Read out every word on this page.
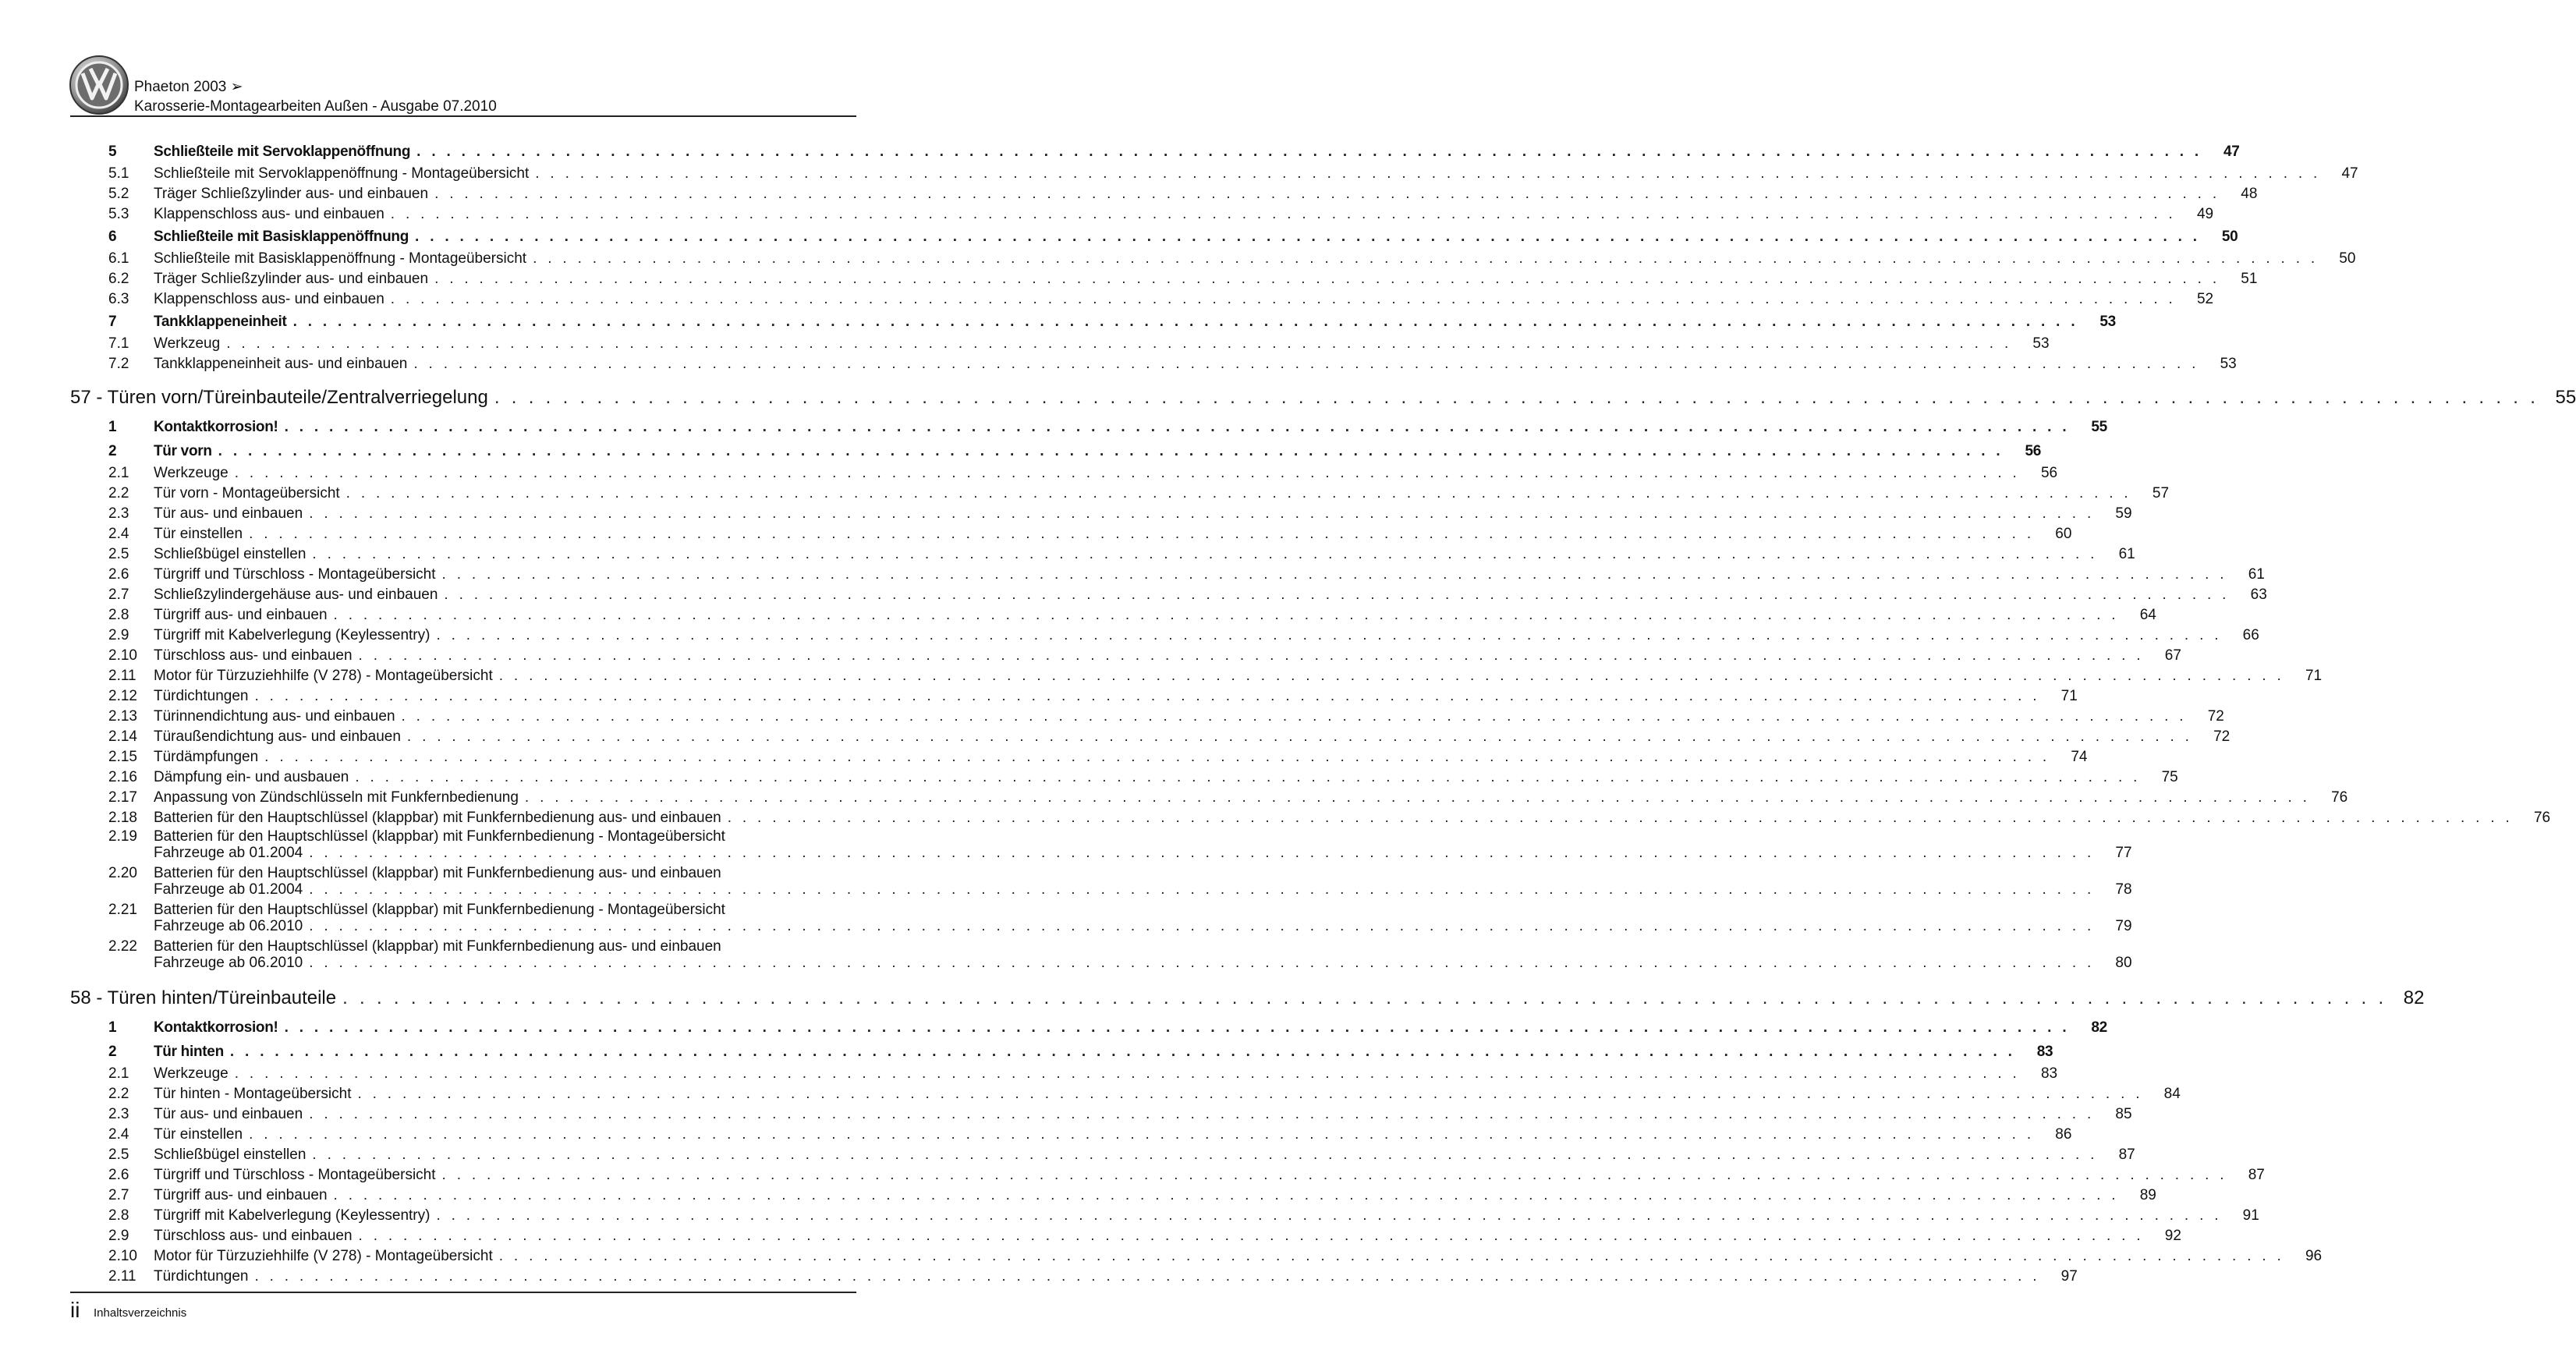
Phaeton 2003 ➢
Karosserie-Montagearbeiten Außen - Ausgabe 07.2010
5	Schließteile mit Servoklappenöffnung . . . . . . . . . . . . . . . . . . . . . . . . . . . . . . . . . . . . . . . . . . . . . . . . . . . . . . . . . . . . . . . . . . . . . . . . . . . . . . . . . . . . . . . . . . . . . . . . . . . . . . . . . . . . . . . . . . . . . . . .	47
5.1	Schließteile mit Servoklappenöffnung - Montageübersicht . . . . . . . . . . . . . . . . . . . . . . . . . . . . . . . . . . . . . . . . . . . . . . . . . . . . . . . . . . . . . . . . . . . . . . . . . . . . . . . . . . . . . . . . . . . . . . . . . . . . . . . . . . . . . . . . . . . . . . . .	47
5.2	Träger Schließzylinder aus- und einbauen . . . . . . . . . . . . . . . . . . . . . . . . . . . . . . . . . . . . . . . . . . . . . . . . . . . . . . . . . . . . . . . . . . . . . . . . . . . . . . . . . . . . . . . . . . . . . . . . . . . . . . . . . . . . . . . . . . . . . . . .	48
5.3	Klappenschloss aus- und einbauen . . . . . . . . . . . . . . . . . . . . . . . . . . . . . . . . . . . . . . . . . . . . . . . . . . . . . . . . . . . . . . . . . . . . . . . . . . . . . . . . . . . . . . . . . . . . . . . . . . . . . . . . . . . . . . . . . . . . . . . .	49
6	Schließteile mit Basisklappenöffnung . . . . . . . . . . . . . . . . . . . . . . . . . . . . . . . . . . . . . . . . . . . . . . . . . . . . . . . . . . . . . . . . . . . . . . . . . . . . . . . . . . . . . . . . . . . . . . . . . . . . . . . . . . . . . . . . . . . . . . . .	50
6.1	Schließteile mit Basisklappenöffnung - Montageübersicht . . . . . . . . . . . . . . . . . . . . . . . . . . . . . . . . . . . . . . . . . . . . . . . . . . . . . . . . . . . . . . . . . . . . . . . . . . . . . . . . . . . . . . . . . . . . . . . . . . . . . . . . . . . . . . . . . . . . . . . .	50
6.2	Träger Schließzylinder aus- und einbauen . . . . . . . . . . . . . . . . . . . . . . . . . . . . . . . . . . . . . . . . . . . . . . . . . . . . . . . . . . . . . . . . . . . . . . . . . . . . . . . . . . . . . . . . . . . . . . . . . . . . . . . . . . . . . . . . . . . . . . . .	51
6.3	Klappenschloss aus- und einbauen . . . . . . . . . . . . . . . . . . . . . . . . . . . . . . . . . . . . . . . . . . . . . . . . . . . . . . . . . . . . . . . . . . . . . . . . . . . . . . . . . . . . . . . . . . . . . . . . . . . . . . . . . . . . . . . . . . . . . . . .	52
7	Tankklappeneinheit . . . . . . . . . . . . . . . . . . . . . . . . . . . . . . . . . . . . . . . . . . . . . . . . . . . . . . . . . . . . . . . . . . . . . . . . . . . . . . . . . . . . . . . . . . . . . . . . . . . . . . . . . . . . . . . . . . . . . . . .	53
7.1	Werkzeug . . . . . . . . . . . . . . . . . . . . . . . . . . . . . . . . . . . . . . . . . . . . . . . . . . . . . . . . . . . . . . . . . . . . . . . . . . . . . . . . . . . . . . . . . . . . . . . . . . . . . . . . . . . . . . . . . . . . . . . .	53
7.2	Tankklappeneinheit aus- und einbauen . . . . . . . . . . . . . . . . . . . . . . . . . . . . . . . . . . . . . . . . . . . . . . . . . . . . . . . . . . . . . . . . . . . . . . . . . . . . . . . . . . . . . . . . . . . . . . . . . . . . . . . . . . . . . . . . . . . . . . . .	53
57 - Türen vorn/Türeinbauteile/Zentralverriegelung . . . . . . . . . . . . . . . . . . . . . . . . . . . . . . . . . . . . . . . . . . . . . . . . . . . . . . . . . . . . . . . . . . . . . . . . . . . . . . . . . . . . . . . . . . . . . . . . . . . . . . . . . . . . . . . . . . . . . . . . 55
1	Kontaktkorrosion! . . . . . . . . . . . . . . . . . . . . . . . . . . . . . . . . . . . . . . . . . . . . . . . . . . . . . . . . . . . . . . . . . . . . . . . . . . . . . . . . . . . . . . . . . . . . . . . . . . . . . . . . . . . . . . . . . . . . . . . .	55
2	Tür vorn . . . . . . . . . . . . . . . . . . . . . . . . . . . . . . . . . . . . . . . . . . . . . . . . . . . . . . . . . . . . . . . . . . . . . . . . . . . . . . . . . . . . . . . . . . . . . . . . . . . . . . . . . . . . . . . . . . . . . . . .	56
2.1	Werkzeuge . . . . . . . . . . . . . . . . . . . . . . . . . . . . . . . . . . . . . . . . . . . . . . . . . . . . . . . . . . . . . . . . . . . . . . . . . . . . . . . . . . . . . . . . . . . . . . . . . . . . . . . . . . . . . . . . . . . . . . . .	56
2.2	Tür vorn - Montageübersicht . . . . . . . . . . . . . . . . . . . . . . . . . . . . . . . . . . . . . . . . . . . . . . . . . . . . . . . . . . . . . . . . . . . . . . . . . . . . . . . . . . . . . . . . . . . . . . . . . . . . . . . . . . . . . . . . . . . . . . . .	57
2.3	Tür aus- und einbauen . . . . . . . . . . . . . . . . . . . . . . . . . . . . . . . . . . . . . . . . . . . . . . . . . . . . . . . . . . . . . . . . . . . . . . . . . . . . . . . . . . . . . . . . . . . . . . . . . . . . . . . . . . . . . . . . . . . . . . . .	59
2.4	Tür einstellen . . . . . . . . . . . . . . . . . . . . . . . . . . . . . . . . . . . . . . . . . . . . . . . . . . . . . . . . . . . . . . . . . . . . . . . . . . . . . . . . . . . . . . . . . . . . . . . . . . . . . . . . . . . . . . . . . . . . . . . .	60
2.5	Schließbügel einstellen . . . . . . . . . . . . . . . . . . . . . . . . . . . . . . . . . . . . . . . . . . . . . . . . . . . . . . . . . . . . . . . . . . . . . . . . . . . . . . . . . . . . . . . . . . . . . . . . . . . . . . . . . . . . . . . . . . . . . . . .	61
2.6	Türgriff und Türschloss - Montageübersicht . . . . . . . . . . . . . . . . . . . . . . . . . . . . . . . . . . . . . . . . . . . . . . . . . . . . . . . . . . . . . . . . . . . . . . . . . . . . . . . . . . . . . . . . . . . . . . . . . . . . . . . . . . . . . . . . . . . . . . . .	61
2.7	Schließzylindergehäuse aus- und einbauen . . . . . . . . . . . . . . . . . . . . . . . . . . . . . . . . . . . . . . . . . . . . . . . . . . . . . . . . . . . . . . . . . . . . . . . . . . . . . . . . . . . . . . . . . . . . . . . . . . . . . . . . . . . . . . . . . . . . . . . .	63
2.8	Türgriff aus- und einbauen . . . . . . . . . . . . . . . . . . . . . . . . . . . . . . . . . . . . . . . . . . . . . . . . . . . . . . . . . . . . . . . . . . . . . . . . . . . . . . . . . . . . . . . . . . . . . . . . . . . . . . . . . . . . . . . . . . . . . . . .	64
2.9	Türgriff mit Kabelverlegung (Keylessentry) . . . . . . . . . . . . . . . . . . . . . . . . . . . . . . . . . . . . . . . . . . . . . . . . . . . . . . . . . . . . . . . . . . . . . . . . . . . . . . . . . . . . . . . . . . . . . . . . . . . . . . . . . . . . . . . . . . . . . . . .	66
2.10	Türschloss aus- und einbauen . . . . . . . . . . . . . . . . . . . . . . . . . . . . . . . . . . . . . . . . . . . . . . . . . . . . . . . . . . . . . . . . . . . . . . . . . . . . . . . . . . . . . . . . . . . . . . . . . . . . . . . . . . . . . . . . . . . . . . . .	67
2.11	Motor für Türzuziehhilfe (V 278) - Montageübersicht . . . . . . . . . . . . . . . . . . . . . . . . . . . . . . . . . . . . . . . . . . . . . . . . . . . . . . . . . . . . . . . . . . . . . . . . . . . . . . . . . . . . . . . . . . . . . . . . . . . . . . . . . . . . . . . . . . . . . . . .	71
2.12	Türdichtungen . . . . . . . . . . . . . . . . . . . . . . . . . . . . . . . . . . . . . . . . . . . . . . . . . . . . . . . . . . . . . . . . . . . . . . . . . . . . . . . . . . . . . . . . . . . . . . . . . . . . . . . . . . . . . . . . . . . . . . . .	71
2.13	Türinnendichtung aus- und einbauen . . . . . . . . . . . . . . . . . . . . . . . . . . . . . . . . . . . . . . . . . . . . . . . . . . . . . . . . . . . . . . . . . . . . . . . . . . . . . . . . . . . . . . . . . . . . . . . . . . . . . . . . . . . . . . . . . . . . . . . .	72
2.14	Türaußendichtung aus- und einbauen . . . . . . . . . . . . . . . . . . . . . . . . . . . . . . . . . . . . . . . . . . . . . . . . . . . . . . . . . . . . . . . . . . . . . . . . . . . . . . . . . . . . . . . . . . . . . . . . . . . . . . . . . . . . . . . . . . . . . . . .	72
2.15	Türdämpfungen . . . . . . . . . . . . . . . . . . . . . . . . . . . . . . . . . . . . . . . . . . . . . . . . . . . . . . . . . . . . . . . . . . . . . . . . . . . . . . . . . . . . . . . . . . . . . . . . . . . . . . . . . . . . . . . . . . . . . . . .	74
2.16	Dämpfung ein- und ausbauen . . . . . . . . . . . . . . . . . . . . . . . . . . . . . . . . . . . . . . . . . . . . . . . . . . . . . . . . . . . . . . . . . . . . . . . . . . . . . . . . . . . . . . . . . . . . . . . . . . . . . . . . . . . . . . . . . . . . . . . .	75
2.17	Anpassung von Zündschlüsseln mit Funkfernbedienung . . . . . . . . . . . . . . . . . . . . . . . . . . . . . . . . . . . . . . . . . . . . . . . . . . . . . . . . . . . . . . . . . . . . . . . . . . . . . . . . . . . . . . . . . . . . . . . . . . . . . . . . . . . . . . . . . . . . . . . .	76
2.18	Batterien für den Hauptschlüssel (klappbar) mit Funkfernbedienung aus- und einbauen . . . . . . . . . . . . . . . . . . . . . . . . . . . . . . . . . . . . . . . . . . . . . . . . . . . . . . . . . . . . . . . . . . . . . . . . . . . . . . . . . . . . . . . . . . . . . . . . . . . . . . . . . . . . . . . . . . . . . . . .	76
2.19	Batterien für den Hauptschlüssel (klappbar) mit Funkfernbedienung - Montageübersicht
Fahrzeuge ab 01.2004 . . . . . . . . . . . . . . . . . . . . . . . . . . . . . . . . . . . . . . . . . . . . . . . . . . . . . . . . . . . . . . . . . . . . . . . . . . . . . . . . . . . . . . . . . . . . . . . . . . . . . . . . . . . . . . . . . . . . . . . .	77
2.20	Batterien für den Hauptschlüssel (klappbar) mit Funkfernbedienung aus- und einbauen
Fahrzeuge ab 01.2004 . . . . . . . . . . . . . . . . . . . . . . . . . . . . . . . . . . . . . . . . . . . . . . . . . . . . . . . . . . . . . . . . . . . . . . . . . . . . . . . . . . . . . . . . . . . . . . . . . . . . . . . . . . . . . . . . . . . . . . . .	78
2.21	Batterien für den Hauptschlüssel (klappbar) mit Funkfernbedienung - Montageübersicht
Fahrzeuge ab 06.2010 . . . . . . . . . . . . . . . . . . . . . . . . . . . . . . . . . . . . . . . . . . . . . . . . . . . . . . . . . . . . . . . . . . . . . . . . . . . . . . . . . . . . . . . . . . . . . . . . . . . . . . . . . . . . . . . . . . . . . . . .	79
2.22	Batterien für den Hauptschlüssel (klappbar) mit Funkfernbedienung aus- und einbauen
Fahrzeuge ab 06.2010 . . . . . . . . . . . . . . . . . . . . . . . . . . . . . . . . . . . . . . . . . . . . . . . . . . . . . . . . . . . . . . . . . . . . . . . . . . . . . . . . . . . . . . . . . . . . . . . . . . . . . . . . . . . . . . . . . . . . . . . .	80
58 - Türen hinten/Türeinbauteile . . . . . . . . . . . . . . . . . . . . . . . . . . . . . . . . . . . . . . . . . . . . . . . . . . . . . . . . . . . . . . . . . . . . . . . . . . . . . . . . . . . . . . . . . . . . . . . . . . . . . . . . . . . . . . . . . . . . . . . . 82
1	Kontaktkorrosion! . . . . . . . . . . . . . . . . . . . . . . . . . . . . . . . . . . . . . . . . . . . . . . . . . . . . . . . . . . . . . . . . . . . . . . . . . . . . . . . . . . . . . . . . . . . . . . . . . . . . . . . . . . . . . . . . . . . . . . . .	82
2	Tür hinten . . . . . . . . . . . . . . . . . . . . . . . . . . . . . . . . . . . . . . . . . . . . . . . . . . . . . . . . . . . . . . . . . . . . . . . . . . . . . . . . . . . . . . . . . . . . . . . . . . . . . . . . . . . . . . . . . . . . . . . .	83
2.1	Werkzeuge . . . . . . . . . . . . . . . . . . . . . . . . . . . . . . . . . . . . . . . . . . . . . . . . . . . . . . . . . . . . . . . . . . . . . . . . . . . . . . . . . . . . . . . . . . . . . . . . . . . . . . . . . . . . . . . . . . . . . . . .	83
2.2	Tür hinten - Montageübersicht . . . . . . . . . . . . . . . . . . . . . . . . . . . . . . . . . . . . . . . . . . . . . . . . . . . . . . . . . . . . . . . . . . . . . . . . . . . . . . . . . . . . . . . . . . . . . . . . . . . . . . . . . . . . . . . . . . . . . . . .	84
2.3	Tür aus- und einbauen . . . . . . . . . . . . . . . . . . . . . . . . . . . . . . . . . . . . . . . . . . . . . . . . . . . . . . . . . . . . . . . . . . . . . . . . . . . . . . . . . . . . . . . . . . . . . . . . . . . . . . . . . . . . . . . . . . . . . . . .	85
2.4	Tür einstellen . . . . . . . . . . . . . . . . . . . . . . . . . . . . . . . . . . . . . . . . . . . . . . . . . . . . . . . . . . . . . . . . . . . . . . . . . . . . . . . . . . . . . . . . . . . . . . . . . . . . . . . . . . . . . . . . . . . . . . . .	86
2.5	Schließbügel einstellen . . . . . . . . . . . . . . . . . . . . . . . . . . . . . . . . . . . . . . . . . . . . . . . . . . . . . . . . . . . . . . . . . . . . . . . . . . . . . . . . . . . . . . . . . . . . . . . . . . . . . . . . . . . . . . . . . . . . . . . .	87
2.6	Türgriff und Türschloss - Montageübersicht . . . . . . . . . . . . . . . . . . . . . . . . . . . . . . . . . . . . . . . . . . . . . . . . . . . . . . . . . . . . . . . . . . . . . . . . . . . . . . . . . . . . . . . . . . . . . . . . . . . . . . . . . . . . . . . . . . . . . . . .	87
2.7	Türgriff aus- und einbauen . . . . . . . . . . . . . . . . . . . . . . . . . . . . . . . . . . . . . . . . . . . . . . . . . . . . . . . . . . . . . . . . . . . . . . . . . . . . . . . . . . . . . . . . . . . . . . . . . . . . . . . . . . . . . . . . . . . . . . . .	89
2.8	Türgriff mit Kabelverlegung (Keylessentry) . . . . . . . . . . . . . . . . . . . . . . . . . . . . . . . . . . . . . . . . . . . . . . . . . . . . . . . . . . . . . . . . . . . . . . . . . . . . . . . . . . . . . . . . . . . . . . . . . . . . . . . . . . . . . . . . . . . . . . . .	91
2.9	Türschloss aus- und einbauen . . . . . . . . . . . . . . . . . . . . . . . . . . . . . . . . . . . . . . . . . . . . . . . . . . . . . . . . . . . . . . . . . . . . . . . . . . . . . . . . . . . . . . . . . . . . . . . . . . . . . . . . . . . . . . . . . . . . . . . .	92
2.10	Motor für Türzuziehhilfe (V 278) - Montageübersicht . . . . . . . . . . . . . . . . . . . . . . . . . . . . . . . . . . . . . . . . . . . . . . . . . . . . . . . . . . . . . . . . . . . . . . . . . . . . . . . . . . . . . . . . . . . . . . . . . . . . . . . . . . . . . . . . . . . . . . . .	96
2.11	Türdichtungen . . . . . . . . . . . . . . . . . . . . . . . . . . . . . . . . . . . . . . . . . . . . . . . . . . . . . . . . . . . . . . . . . . . . . . . . . . . . . . . . . . . . . . . . . . . . . . . . . . . . . . . . . . . . . . . . . . . . . . . .	97
ii Inhaltsverzeichnis
